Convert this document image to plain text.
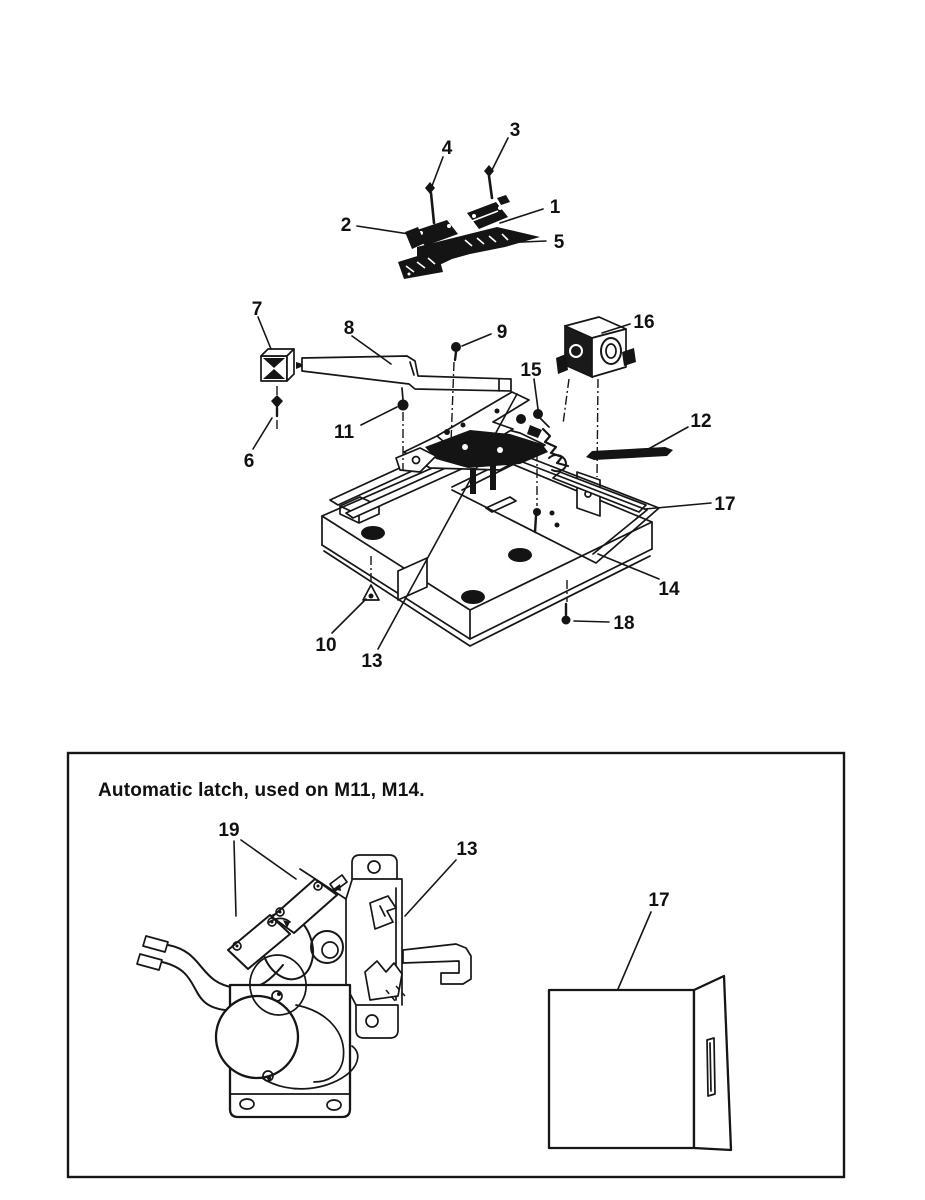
1
2
3
4
5
6
7
8	9
10
11
12
13
14
15
16
17
18
Automatic latch, used on M11, M14.
19
13
17
